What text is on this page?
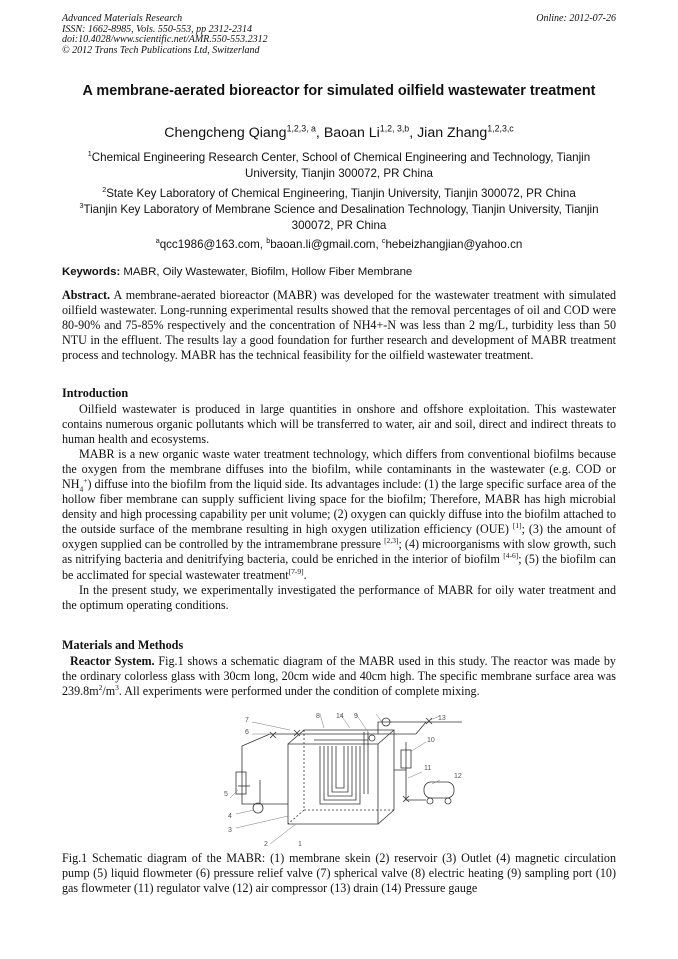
Advanced Materials Research
ISSN: 1662-8985, Vols. 550-553, pp 2312-2314
doi:10.4028/www.scientific.net/AMR.550-553.2312
© 2012 Trans Tech Publications Ltd, Switzerland
Online: 2012-07-26
A membrane-aerated bioreactor for simulated oilfield wastewater treatment
Chengcheng Qiang$^{1,2,3, a}$, Baoan Li$^{1,2, 3,b}$, Jian Zhang$^{1,2,3,c}$
$^1$Chemical Engineering Research Center, School of Chemical Engineering and Technology, Tianjin University, Tianjin 300072, PR China
$^2$State Key Laboratory of Chemical Engineering, Tianjin University, Tianjin 300072, PR China
$^3$Tianjin Key Laboratory of Membrane Science and Desalination Technology, Tianjin University, Tianjin 300072, PR China
$^a$qcc1986@163.com, $^b$baoan.li@gmail.com, $^c$hebeizhangjian@yahoo.cn
Keywords: MABR, Oily Wastewater, Biofilm, Hollow Fiber Membrane

Abstract. A membrane-aerated bioreactor (MABR) was developed for the wastewater treatment with simulated oilfield wastewater. Long-running experimental results showed that the removal percentages of oil and COD were 80-90% and 75-85% respectively and the concentration of NH4+-N was less than 2 mg/L, turbidity less than 50 NTU in the effluent. The results lay a good foundation for further research and development of MABR treatment process and technology. MABR has the technical feasibility for the oilfield wastewater treatment.

Introduction

Oilfield wastewater is produced in large quantities in onshore and offshore exploitation. This wastewater contains numerous organic pollutants which will be transferred to water, air and soil, direct and indirect threats to human health and ecosystems.

MABR is a new organic waste water treatment technology, which differs from conventional biofilms because the oxygen from the membrane diffuses into the biofilm, while contaminants in the wastewater (e.g. COD or $NH_4^+$) diffuse into the biofilm from the liquid side. Its advantages include: (1) the large specific surface area of the hollow fiber membrane can supply sufficient living space for the biofilm; Therefore, MABR has high microbial density and high processing capability per unit volume; (2) oxygen can quickly diffuse into the biofilm attached to the outside surface of the membrane resulting in high oxygen utilization efficiency (OUE) [1]; (3) the amount of oxygen supplied can be controlled by the intramembrane pressure [2,3]; (4) microorganisms with slow growth, such as nitrifying bacteria and denitrifying bacteria, could be enriched in the interior of biofilm [4-6]; (5) the biofilm can be acclimated for special wastewater treatment[7-9].

In the present study, we experimentally investigated the performance of MABR for oily water treatment and the optimum operating conditions.

Materials and Methods

Reactor System. Fig.1 shows a schematic diagram of the MABR used in this study. The reactor was made by the ordinary colorless glass with 30cm long, 20cm wide and 40cm high. The specific membrane surface area was $239.8m^2/m^3$. All experiments were performed under the condition of complete mixing.

7
6
8 14 9	13
10
11
12
5
4
3
2	1
Fig.1 Schematic diagram of the MABR: (1) membrane skein (2) reservoir (3) Outlet (4) magnetic circulation pump (5) liquid flowmeter (6) pressure relief valve (7) spherical valve (8) electric heating (9) sampling port (10) gas flowmeter (11) regulator valve (12) air compressor (13) drain (14) Pressure gauge
